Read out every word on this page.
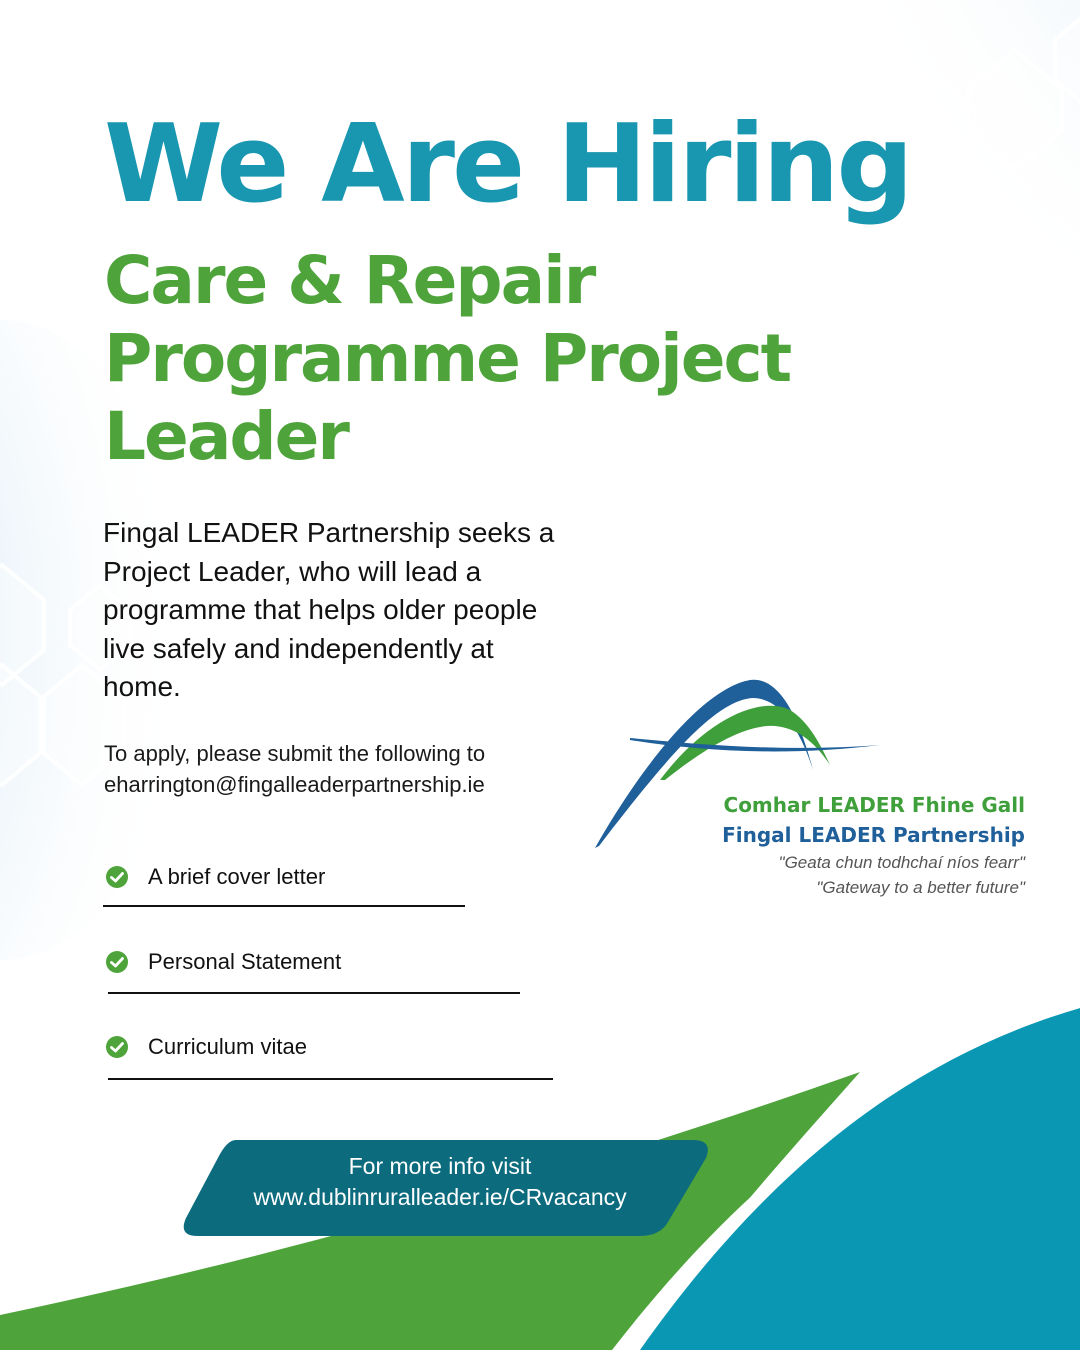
We Are Hiring
Care & Repair
Programme Project
Leader

Fingal LEADER Partnership seeks a
Project Leader, who will lead a
programme that helps older people
live safely and independently at
home.

To apply, please submit the following to
eharrington@fingalleaderpartnership.ie

A brief cover letter
Personal Statement
Curriculum vitae
Comhar LEADER Fhine Gall
Fingal LEADER Partnership
"Geata chun todhchaí níos fearr"
"Gateway to a better future"
For more info visit
www.dublinruralleader.ie/CRvacancy
